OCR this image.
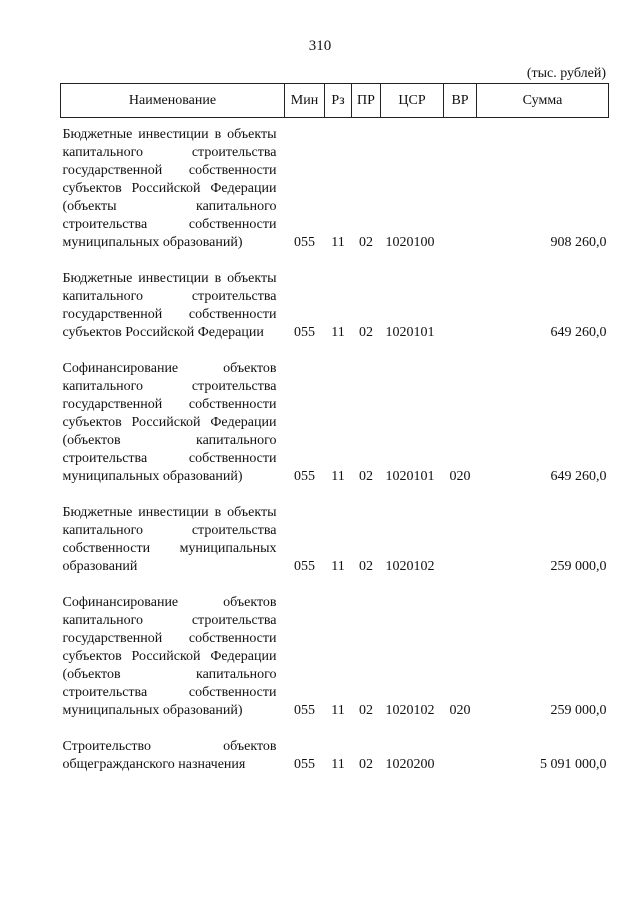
310
(тыс. рублей)
Наименование	Мин	Рз	ПР	ЦСР	ВР	Сумма
Бюджетные инвестиции в объекты капитального строительства государственной собственности субъектов Российской Федерации (объекты капитального строительства собственности муниципальных образований)	055	11	02	1020100		908 260,0
Бюджетные инвестиции в объекты капитального строительства государственной собственности субъектов Российской Федерации	055	11	02	1020101		649 260,0
Софинансирование объектов капитального строительства государственной собственности субъектов Российской Федерации (объектов капитального строительства собственности муниципальных образований)	055	11	02	1020101	020	649 260,0
Бюджетные инвестиции в объекты капитального строительства собственности муниципальных образований	055	11	02	1020102		259 000,0
Софинансирование объектов капитального строительства государственной собственности субъектов Российской Федерации (объектов капитального строительства собственности муниципальных образований)	055	11	02	1020102	020	259 000,0
Строительство объектов общегражданского назначения	055	11	02	1020200		5 091 000,0
